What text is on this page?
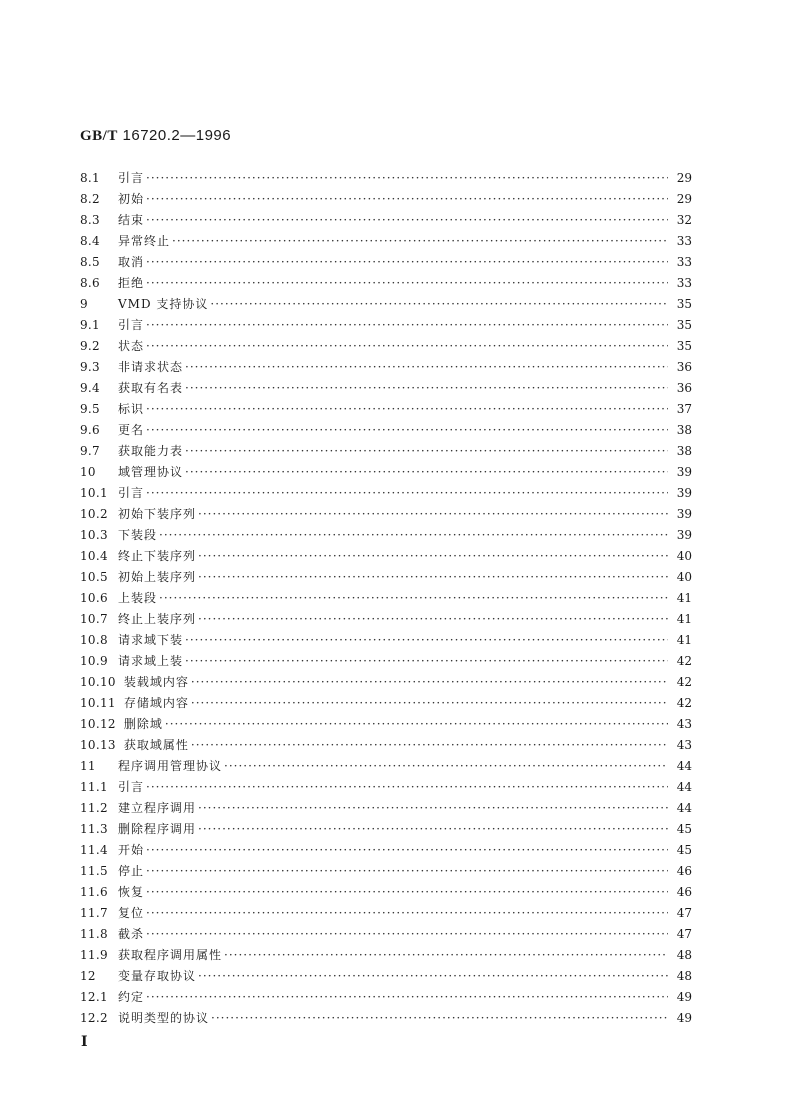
GB/T 16720.2—1996
8.1	引言 ·····	29
8.2	初始 ·····	29
8.3	结束 ·····	32
8.4	异常终止 ·····	33
8.5	取消 ·····	33
8.6	拒绝 ·····	33
9	VMD 支持协议 ·····	35
9.1	引言 ·····	35
9.2	状态 ·····	35
9.3	非请求状态 ·····	36
9.4	获取有名表 ·····	36
9.5	标识 ·····	37
9.6	更名 ·····	38
9.7	获取能力表 ·····	38
10	域管理协议 ·····	39
10.1 引言 ·····	39
10.2 初始下装序列 ·····	39
10.3 下装段 ·····	39
10.4 终止下装序列 ·····	40
10.5 初始上装序列 ·····	40
10.6 上装段 ·····	41
10.7 终止上装序列 ·····	41
10.8 请求域下装 ·····	41
10.9 请求域上装 ·····	42
10.10 装载域内容 ·····	42
10.11 存储域内容 ·····	42
10.12 删除域 ·····	43
10.13 获取域属性 ·····	43
11	程序调用管理协议 ·····	44
11.1 引言 ·····	44
11.2 建立程序调用 ·····	44
11.3 删除程序调用 ·····	45
11.4 开始 ·····	45
11.5 停止 ·····	46
11.6 恢复 ·····	46
11.7 复位 ·····	47
11.8 截杀 ·····	47
11.9 获取程序调用属性 ·····	48
12	变量存取协议 ·····	48
12.1 约定 ·····	49
12.2 说明类型的协议 ·····	49
I
